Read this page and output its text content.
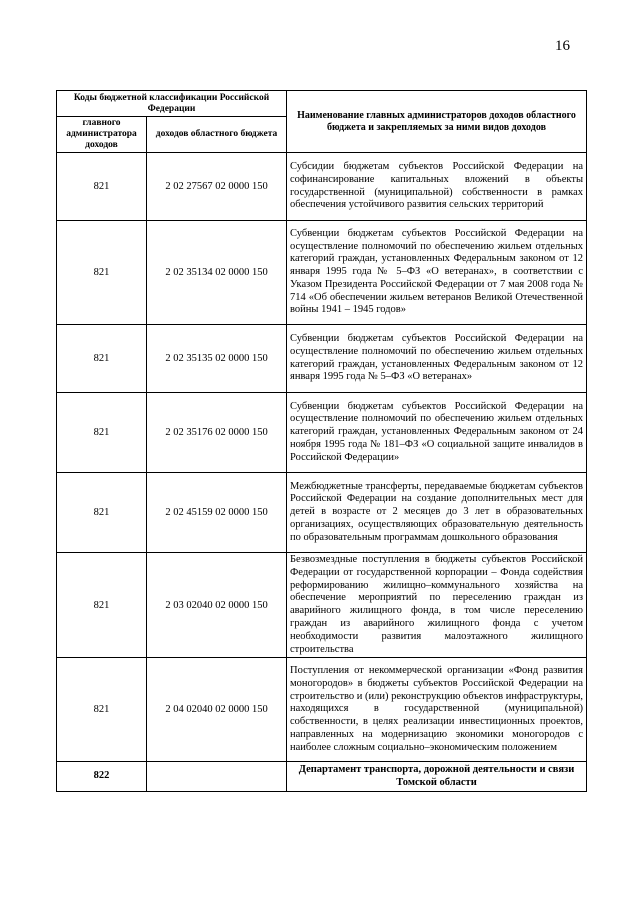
16
Коды бюджетной классификации Российской Федерации		Наименование главных администраторов доходов областного бюджета и закрепляемых за ними видов доходов
главного администратора доходов	доходов областного бюджета	
821	2 02 27567 02 0000 150	Субсидии бюджетам субъектов Российской Федерации на софинансирование капитальных вложений в объекты государственной (муниципальной) собственности в рамках обеспечения устойчивого развития сельских территорий
821	2 02 35134 02 0000 150	Субвенции бюджетам субъектов Российской Федерации на осуществление полномочий по обеспечению жильем отдельных категорий граждан, установленных Федеральным законом от 12 января 1995 года № 5–ФЗ «О ветеранах», в соответствии с Указом Президента Российской Федерации от 7 мая 2008 года № 714 «Об обеспечении жильем ветеранов Великой Отечественной войны 1941 – 1945 годов»
821	2 02 35135 02 0000 150	Субвенции бюджетам субъектов Российской Федерации на осуществление полномочий по обеспечению жильем отдельных категорий граждан, установленных Федеральным законом от 12 января 1995 года № 5–ФЗ «О ветеранах»
821	2 02 35176 02 0000 150	Субвенции бюджетам субъектов Российской Федерации на осуществление полномочий по обеспечению жильем отдельных категорий граждан, установленных Федеральным законом от 24 ноября 1995 года № 181–ФЗ «О социальной защите инвалидов в Российской Федерации»
821	2 02 45159 02 0000 150	Межбюджетные трансферты, передаваемые бюджетам субъектов Российской Федерации на создание дополнительных мест для детей в возрасте от 2 месяцев до 3 лет в образовательных организациях, осуществляющих образовательную деятельность по образовательным программам дошкольного образования
821	2 03 02040 02 0000 150	Безвозмездные поступления в бюджеты субъектов Российской Федерации от государственной корпорации – Фонда содействия реформированию жилищно–коммунального хозяйства на обеспечение мероприятий по переселению граждан из аварийного жилищного фонда, в том числе переселению граждан из аварийного жилищного фонда с учетом необходимости развития малоэтажного жилищного строительства
821	2 04 02040 02 0000 150	Поступления от некоммерческой организации «Фонд развития моногородов» в бюджеты субъектов Российской Федерации на строительство и (или) реконструкцию объектов инфраструктуры, находящихся в государственной (муниципальной) собственности, в целях реализации инвестиционных проектов, направленных на модернизацию экономики моногородов с наиболее сложным социально–экономическим положением
822		Департамент транспорта, дорожной деятельности и связи Томской области
